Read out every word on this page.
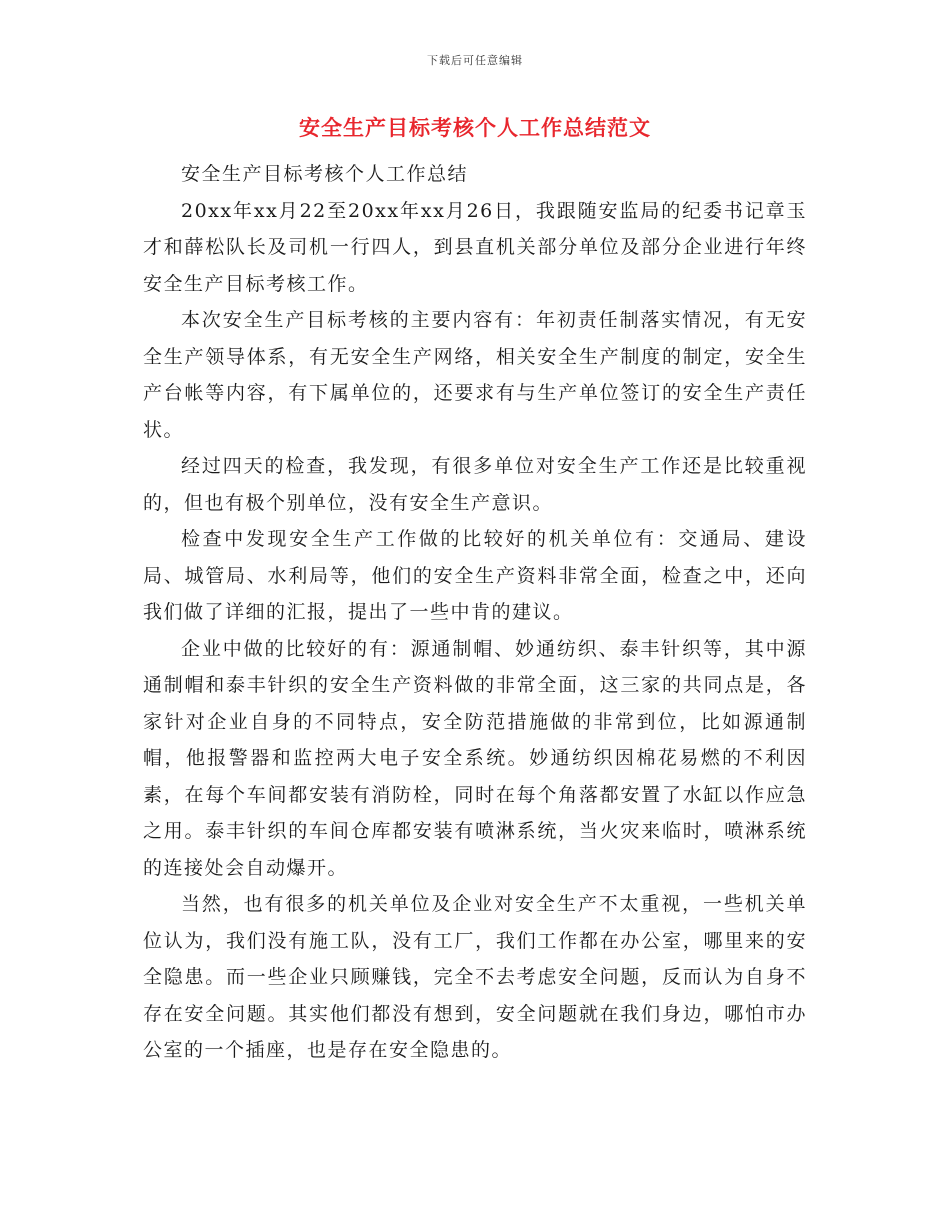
下载后可任意编辑
安全生产目标考核个人工作总结范文

安全生产目标考核个人工作总结

20xx年xx月22至20xx年xx月26日，我跟随安监局的纪委书记章玉才和薛松队长及司机一行四人，到县直机关部分单位及部分企业进行年终安全生产目标考核工作。

本次安全生产目标考核的主要内容有：年初责任制落实情况，有无安全生产领导体系，有无安全生产网络，相关安全生产制度的制定，安全生产台帐等内容，有下属单位的，还要求有与生产单位签订的安全生产责任状。

经过四天的检查，我发现，有很多单位对安全生产工作还是比较重视的，但也有极个别单位，没有安全生产意识。

检查中发现安全生产工作做的比较好的机关单位有：交通局、建设局、城管局、水利局等，他们的安全生产资料非常全面，检查之中，还向我们做了详细的汇报，提出了一些中肯的建议。

企业中做的比较好的有：源通制帽、妙通纺织、泰丰针织等，其中源通制帽和泰丰针织的安全生产资料做的非常全面，这三家的共同点是，各家针对企业自身的不同特点，安全防范措施做的非常到位，比如源通制帽，他报警器和监控两大电子安全系统。妙通纺织因棉花易燃的不利因素，在每个车间都安装有消防栓，同时在每个角落都安置了水缸以作应急之用。泰丰针织的车间仓库都安装有喷淋系统，当火灾来临时，喷淋系统的连接处会自动爆开。

当然，也有很多的机关单位及企业对安全生产不太重视，一些机关单位认为，我们没有施工队，没有工厂，我们工作都在办公室，哪里来的安全隐患。而一些企业只顾赚钱，完全不去考虑安全问题，反而认为自身不存在安全问题。其实他们都没有想到，安全问题就在我们身边，哪怕市办公室的一个插座，也是存在安全隐患的。
